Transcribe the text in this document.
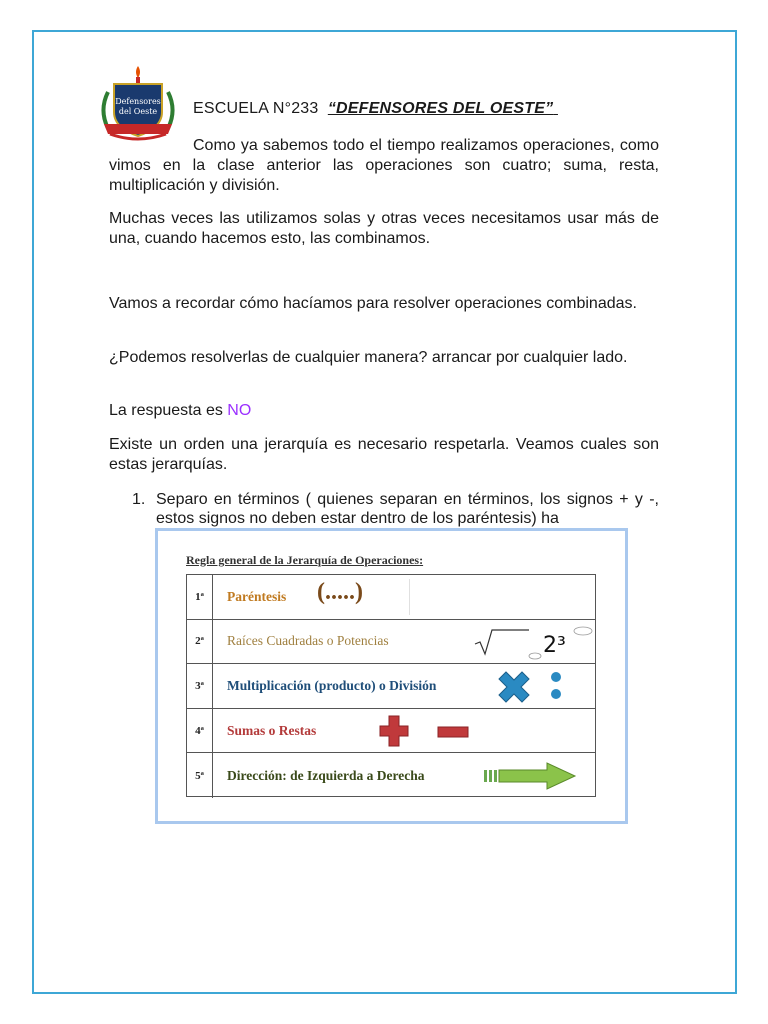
Defensores
del Oeste ESCUELA N°233 “DEFENSORES DEL OESTE”

Como ya sabemos todo el tiempo realizamos operaciones, como vimos en la clase anterior las operaciones son cuatro; suma, resta, multiplicación y división.

Muchas veces las utilizamos solas y otras veces necesitamos usar más de una, cuando hacemos esto, las combinamos.

Vamos a recordar cómo hacíamos para resolver operaciones combinadas.

¿Podemos resolverlas de cualquier manera? arrancar por cualquier lado.

La respuesta es NO

Existe un orden una jerarquía es necesario respetarla. Veamos cuales son estas jerarquías.

1. Separo en términos ( quienes separan en términos, los signos + y -, estos signos no deben estar dentro de los paréntesis) ha
Regla general de la Jerarquía de Operaciones:
1ª	Paréntesis (.....)
2ª	Raíces Cuadradas o Potencias	2³
3ª	Multiplicación (producto) o División
4ª	Sumas o Restas
5ª	Dirección: de Izquierda a Derecha
